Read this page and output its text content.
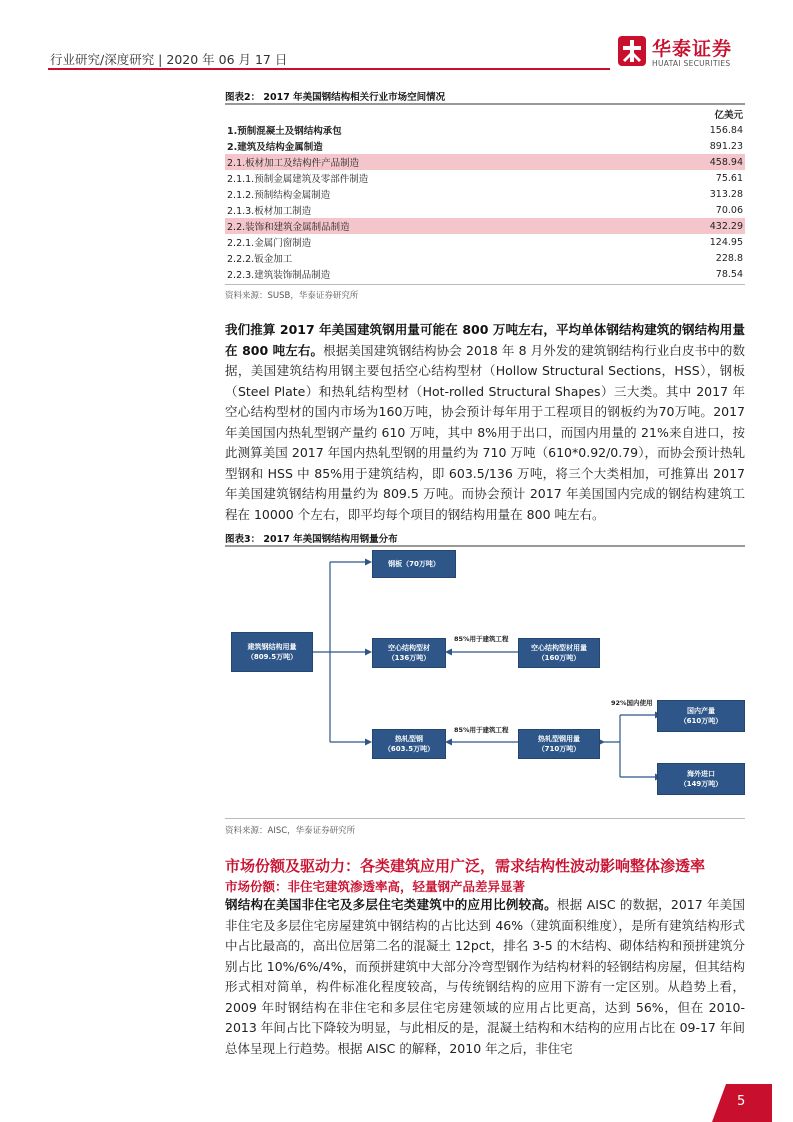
行业研究/深度研究 | 2020 年 06 月 17 日	华泰证券
HUATAI SECURITIES
图表2： 2017 年美国钢结构相关行业市场空间情况
	亿美元
1.预制混凝土及钢结构承包	156.84
2.建筑及结构金属制造	891.23
2.1.板材加工及结构件产品制造	458.94
2.1.1.预制金属建筑及零部件制造	75.61
2.1.2.预制结构金属制造	313.28
2.1.3.板材加工制造	70.06
2.2.装饰和建筑金属制品制造	432.29
2.2.1.金属门窗制造	124.95
2.2.2.钣金加工	228.8
2.2.3.建筑装饰制品制造	78.54
资料来源：SUSB，华泰证券研究所
我们推算 2017 年美国建筑钢用量可能在 800 万吨左右，平均单体钢结构建筑的钢结构用量在 800 吨左右。根据美国建筑钢结构协会 2018 年 8 月外发的建筑钢结构行业白皮书中的数据，美国建筑结构用钢主要包括空心结构型材（Hollow Structural Sections，HSS），钢板（Steel Plate）和热轧结构型材（Hot-rolled Structural Shapes）三大类。其中 2017 年空心结构型材的国内市场为160万吨，协会预计每年用于工程项目的钢板约为70万吨。2017 年美国国内热轧型钢产量约 610 万吨，其中 8%用于出口，而国内用量的 21%来自进口，按此测算美国 2017 年国内热轧型钢的用量约为 710 万吨（610*0.92/0.79），而协会预计热轧型钢和 HSS 中 85%用于建筑结构，即 603.5/136 万吨，将三个大类相加，可推算出 2017 年美国建筑钢结构用量约为 809.5 万吨。而协会预计 2017 年美国国内完成的钢结构建筑工程在 10000 个左右，即平均每个项目的钢结构用量在 800 吨左右。
图表3： 2017 年美国钢结构用钢量分布
建筑钢结构用量
（809.5万吨）
钢板（70万吨）
空心结构型材
（136万吨）
空心结构型材用量
（160万吨）
热轧型钢
（603.5万吨）
热轧型钢用量
（710万吨）
国内产量
（610万吨）
海外进口
（149万吨）
85%用于建筑工程
85%用于建筑工程
92%国内使用
资料来源：AISC，华泰证券研究所
市场份额及驱动力：各类建筑应用广泛，需求结构性波动影响整体渗透率
市场份额：非住宅建筑渗透率高，轻量钢产品差异显著
钢结构在美国非住宅及多层住宅类建筑中的应用比例较高。根据 AISC 的数据，2017 年美国非住宅及多层住宅房屋建筑中钢结构的占比达到 46%（建筑面积维度），是所有建筑结构形式中占比最高的，高出位居第二名的混凝土 12pct，排名 3-5 的木结构、砌体结构和预拼建筑分别占比 10%/6%/4%，而预拼建筑中大部分冷弯型钢作为结构材料的轻钢结构房屋，但其结构形式相对简单，构件标准化程度较高，与传统钢结构的应用下游有一定区别。从趋势上看，2009 年时钢结构在非住宅和多层住宅房建领域的应用占比更高，达到 56%，但在 2010-2013 年间占比下降较为明显，与此相反的是，混凝土结构和木结构的应用占比在 09-17 年间总体呈现上行趋势。根据 AISC 的解释，2010 年之后，非住宅
5
